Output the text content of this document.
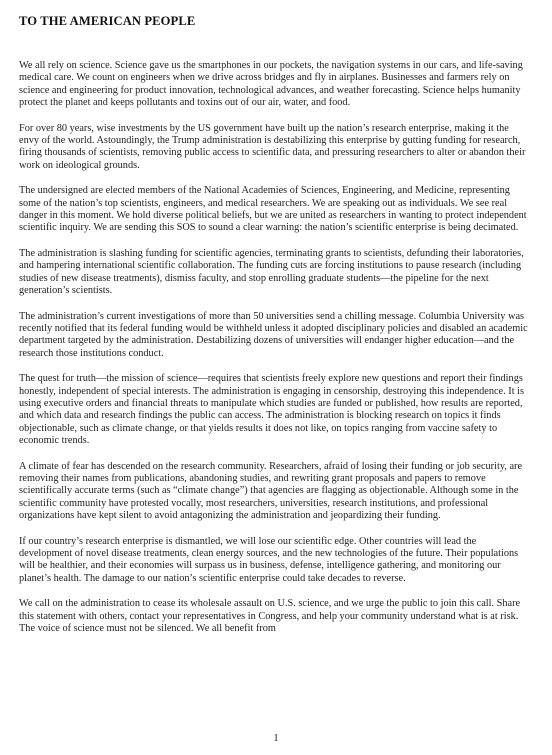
TO THE AMERICAN PEOPLE

We all rely on science. Science gave us the smartphones in our pockets, the navigation systems in our cars, and life-saving medical care. We count on engineers when we drive across bridges and fly in airplanes. Businesses and farmers rely on science and engineering for product innovation, technological advances, and weather forecasting. Science helps humanity protect the planet and keeps pollutants and toxins out of our air, water, and food.

For over 80 years, wise investments by the US government have built up the nation’s research enterprise, making it the envy of the world. Astoundingly, the Trump administration is destabilizing this enterprise by gutting funding for research, firing thousands of scientists, removing public access to scientific data, and pressuring researchers to alter or abandon their work on ideological grounds.

The undersigned are elected members of the National Academies of Sciences, Engineering, and Medicine, representing some of the nation’s top scientists, engineers, and medical researchers. We are speaking out as individuals. We see real danger in this moment. We hold diverse political beliefs, but we are united as researchers in wanting to protect independent scientific inquiry. We are sending this SOS to sound a clear warning: the nation’s scientific enterprise is being decimated.

The administration is slashing funding for scientific agencies, terminating grants to scientists, defunding their laboratories, and hampering international scientific collaboration. The funding cuts are forcing institutions to pause research (including studies of new disease treatments), dismiss faculty, and stop enrolling graduate students—the pipeline for the next generation’s scientists.

The administration’s current investigations of more than 50 universities send a chilling message. Columbia University was recently notified that its federal funding would be withheld unless it adopted disciplinary policies and disabled an academic department targeted by the administration. Destabilizing dozens of universities will endanger higher education—and the research those institutions conduct.

The quest for truth—the mission of science—requires that scientists freely explore new questions and report their findings honestly, independent of special interests. The administration is engaging in censorship, destroying this independence. It is using executive orders and financial threats to manipulate which studies are funded or published, how results are reported, and which data and research findings the public can access. The administration is blocking research on topics it finds objectionable, such as climate change, or that yields results it does not like, on topics ranging from vaccine safety to economic trends.

A climate of fear has descended on the research community. Researchers, afraid of losing their funding or job security, are removing their names from publications, abandoning studies, and rewriting grant proposals and papers to remove scientifically accurate terms (such as “climate change”) that agencies are flagging as objectionable. Although some in the scientific community have protested vocally, most researchers, universities, research institutions, and professional organizations have kept silent to avoid antagonizing the administration and jeopardizing their funding.

If our country’s research enterprise is dismantled, we will lose our scientific edge. Other countries will lead the development of novel disease treatments, clean energy sources, and the new technologies of the future. Their populations will be healthier, and their economies will surpass us in business, defense, intelligence gathering, and monitoring our planet’s health. The damage to our nation’s scientific enterprise could take decades to reverse.

We call on the administration to cease its wholesale assault on U.S. science, and we urge the public to join this call. Share this statement with others, contact your representatives in Congress, and help your community understand what is at risk. The voice of science must not be silenced. We all benefit from

1
